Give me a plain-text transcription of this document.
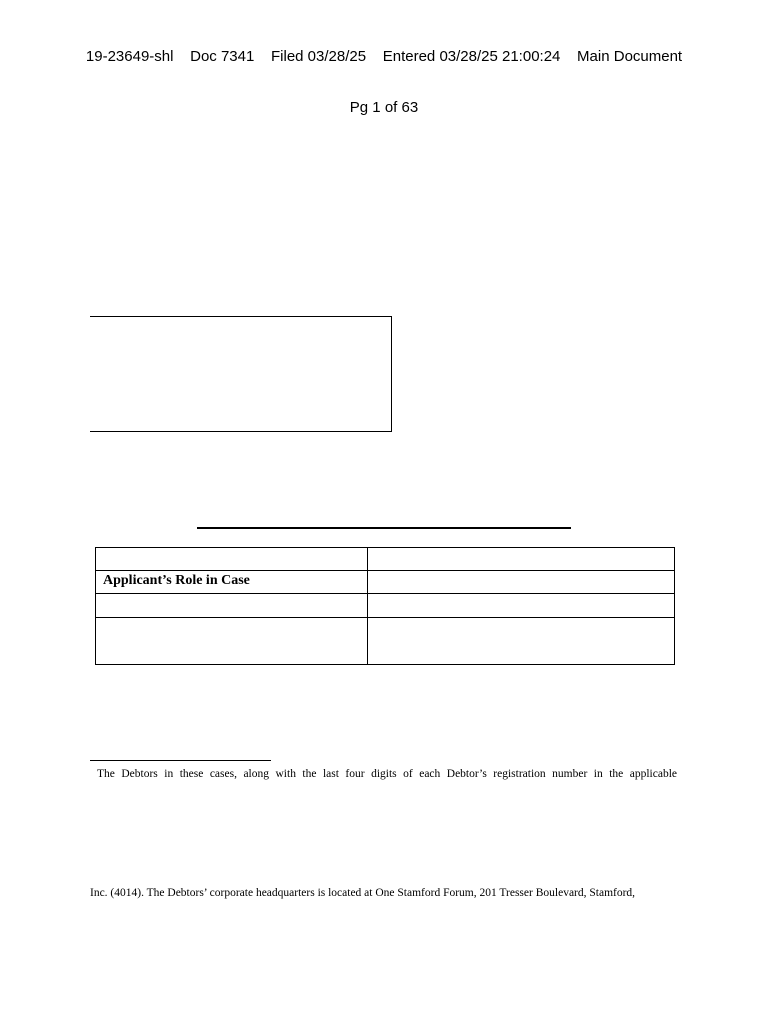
19-23649-shl    Doc 7341    Filed 03/28/25    Entered 03/28/25 21:00:24    Main Document

Pg 1 of 63

Applicant’s Role in Case	

The Debtors in these cases, along with the last four digits of each Debtor’s registration number in the applicable
Inc. (4014). The Debtors’ corporate headquarters is located at One Stamford Forum, 201 Tresser Boulevard, Stamford,
